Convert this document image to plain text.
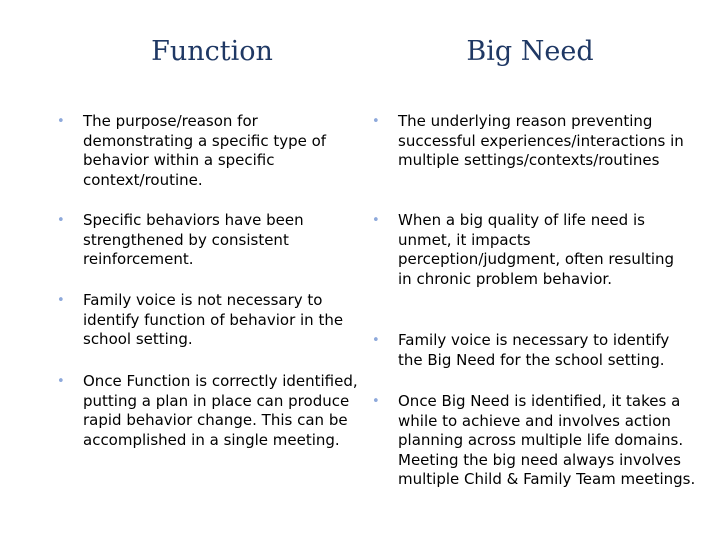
Function	Big Need
• The purpose/reason for demonstrating a specific type of behavior within a specific context/routine.
• Specific behaviors have been strengthened by consistent reinforcement.
• Family voice is not necessary to identify function of behavior in the school setting.
• Once Function is correctly identified, putting a plan in place can produce rapid behavior change. This can be accomplished in a single meeting.
• The underlying reason preventing successful experiences/interactions in multiple settings/contexts/routines
• When a big quality of life need is unmet, it impacts perception/judgment, often resulting in chronic problem behavior.
• Family voice is necessary to identify the Big Need for the school setting.
• Once Big Need is identified, it takes a while to achieve and involves action planning across multiple life domains. Meeting the big need always involves multiple Child & Family Team meetings.
